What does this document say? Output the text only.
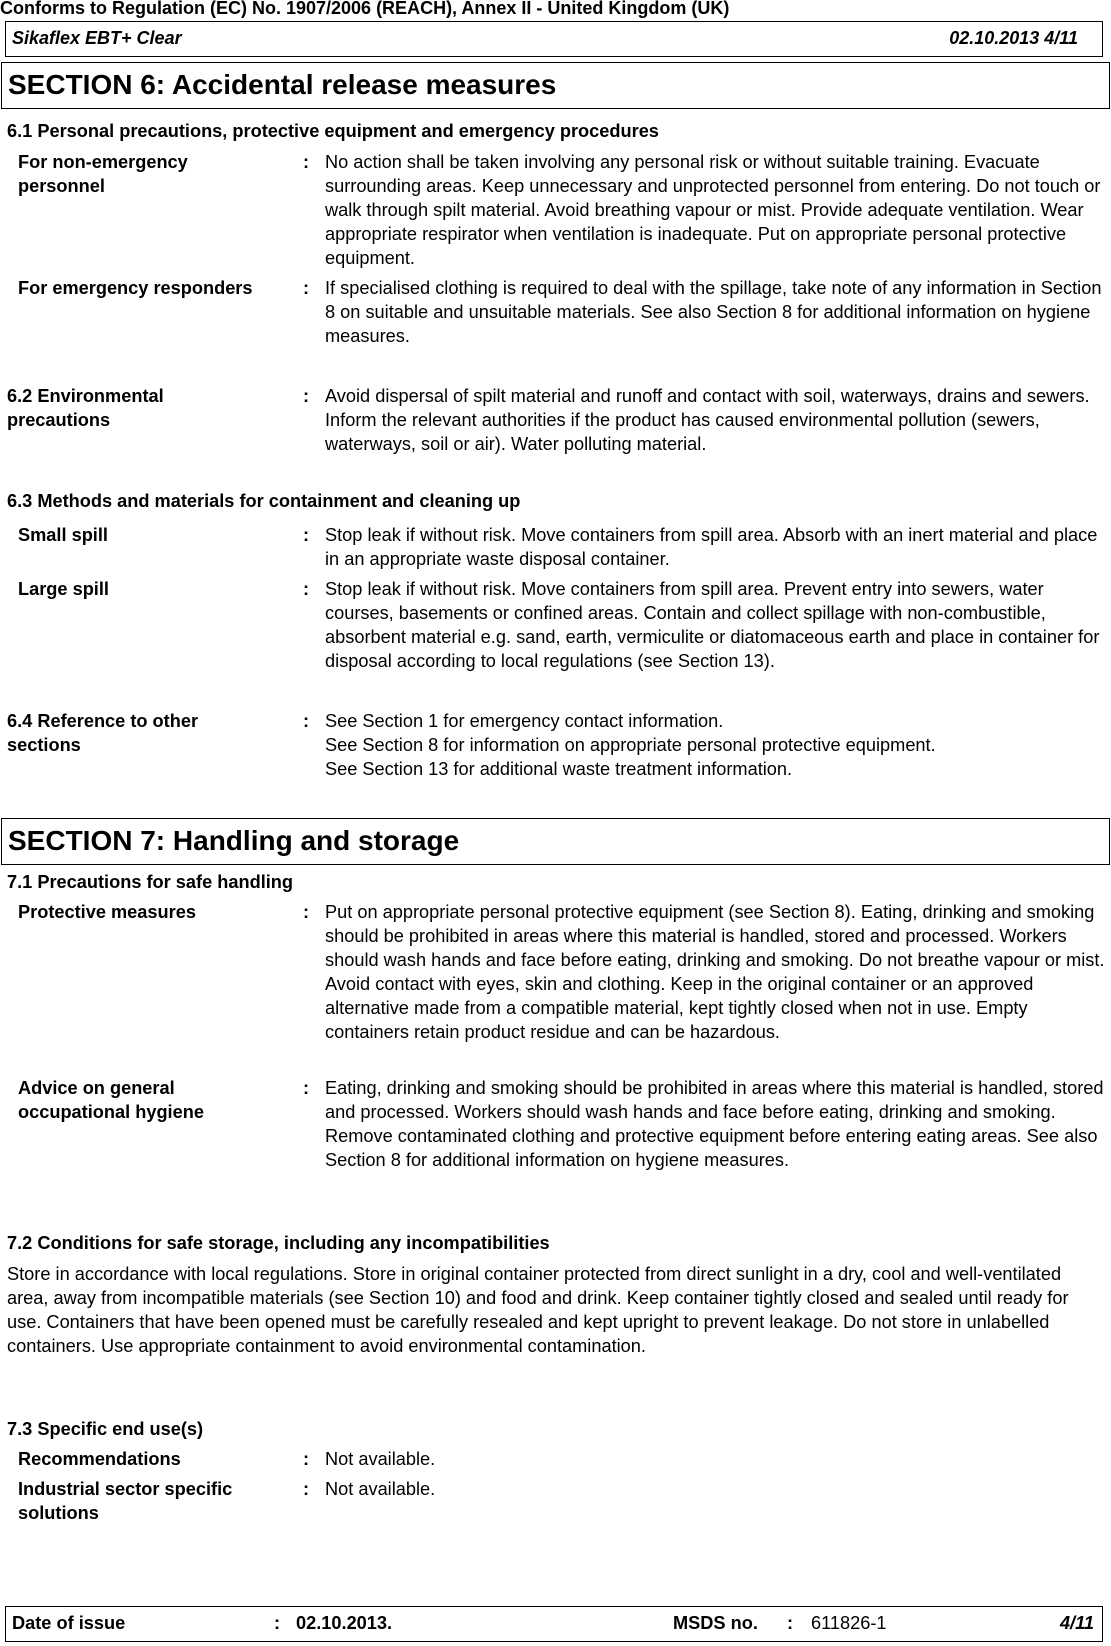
Conforms to Regulation (EC) No. 1907/2006 (REACH), Annex II - United Kingdom (UK)
Sikaflex EBT+ Clear	02.10.2013 4/11
SECTION 6: Accidental release measures
6.1 Personal precautions, protective equipment and emergency procedures
For non-emergency personnel
: No action shall be taken involving any personal risk or without suitable training. Evacuate surrounding areas. Keep unnecessary and unprotected personnel from entering. Do not touch or walk through spilt material. Avoid breathing vapour or mist. Provide adequate ventilation. Wear appropriate respirator when ventilation is inadequate. Put on appropriate personal protective equipment.
For emergency responders	: If specialised clothing is required to deal with the spillage, take note of any information in Section 8 on suitable and unsuitable materials. See also Section 8 for additional information on hygiene measures.
6.2 Environmental precautions
: Avoid dispersal of spilt material and runoff and contact with soil, waterways, drains and sewers. Inform the relevant authorities if the product has caused environmental pollution (sewers, waterways, soil or air). Water polluting material.
6.3 Methods and materials for containment and cleaning up
Small spill	: Stop leak if without risk. Move containers from spill area. Absorb with an inert material and place in an appropriate waste disposal container.
Large spill	: Stop leak if without risk. Move containers from spill area. Prevent entry into sewers, water courses, basements or confined areas. Contain and collect spillage with non-combustible, absorbent material e.g. sand, earth, vermiculite or diatomaceous earth and place in container for disposal according to local regulations (see Section 13).
6.4 Reference to other sections
: See Section 1 for emergency contact information.
See Section 8 for information on appropriate personal protective equipment.
See Section 13 for additional waste treatment information.
SECTION 7: Handling and storage
7.1 Precautions for safe handling
Protective measures	: Put on appropriate personal protective equipment (see Section 8). Eating, drinking and smoking should be prohibited in areas where this material is handled, stored and processed. Workers should wash hands and face before eating, drinking and smoking. Do not breathe vapour or mist. Avoid contact with eyes, skin and clothing. Keep in the original container or an approved alternative made from a compatible material, kept tightly closed when not in use. Empty containers retain product residue and can be hazardous.
Advice on general occupational hygiene
: Eating, drinking and smoking should be prohibited in areas where this material is handled, stored and processed. Workers should wash hands and face before eating, drinking and smoking. Remove contaminated clothing and protective equipment before entering eating areas. See also Section 8 for additional information on hygiene measures.
7.2 Conditions for safe storage, including any incompatibilities
Store in accordance with local regulations. Store in original container protected from direct sunlight in a dry, cool and well-ventilated area, away from incompatible materials (see Section 10) and food and drink. Keep container tightly closed and sealed until ready for use. Containers that have been opened must be carefully resealed and kept upright to prevent leakage. Do not store in unlabelled containers. Use appropriate containment to avoid environmental contamination.
7.3 Specific end use(s)
Recommendations	: Not available.
Industrial sector specific solutions
: Not available.
Date of issue	: 02.10.2013.	MSDS no. : 611826-1	4/11
